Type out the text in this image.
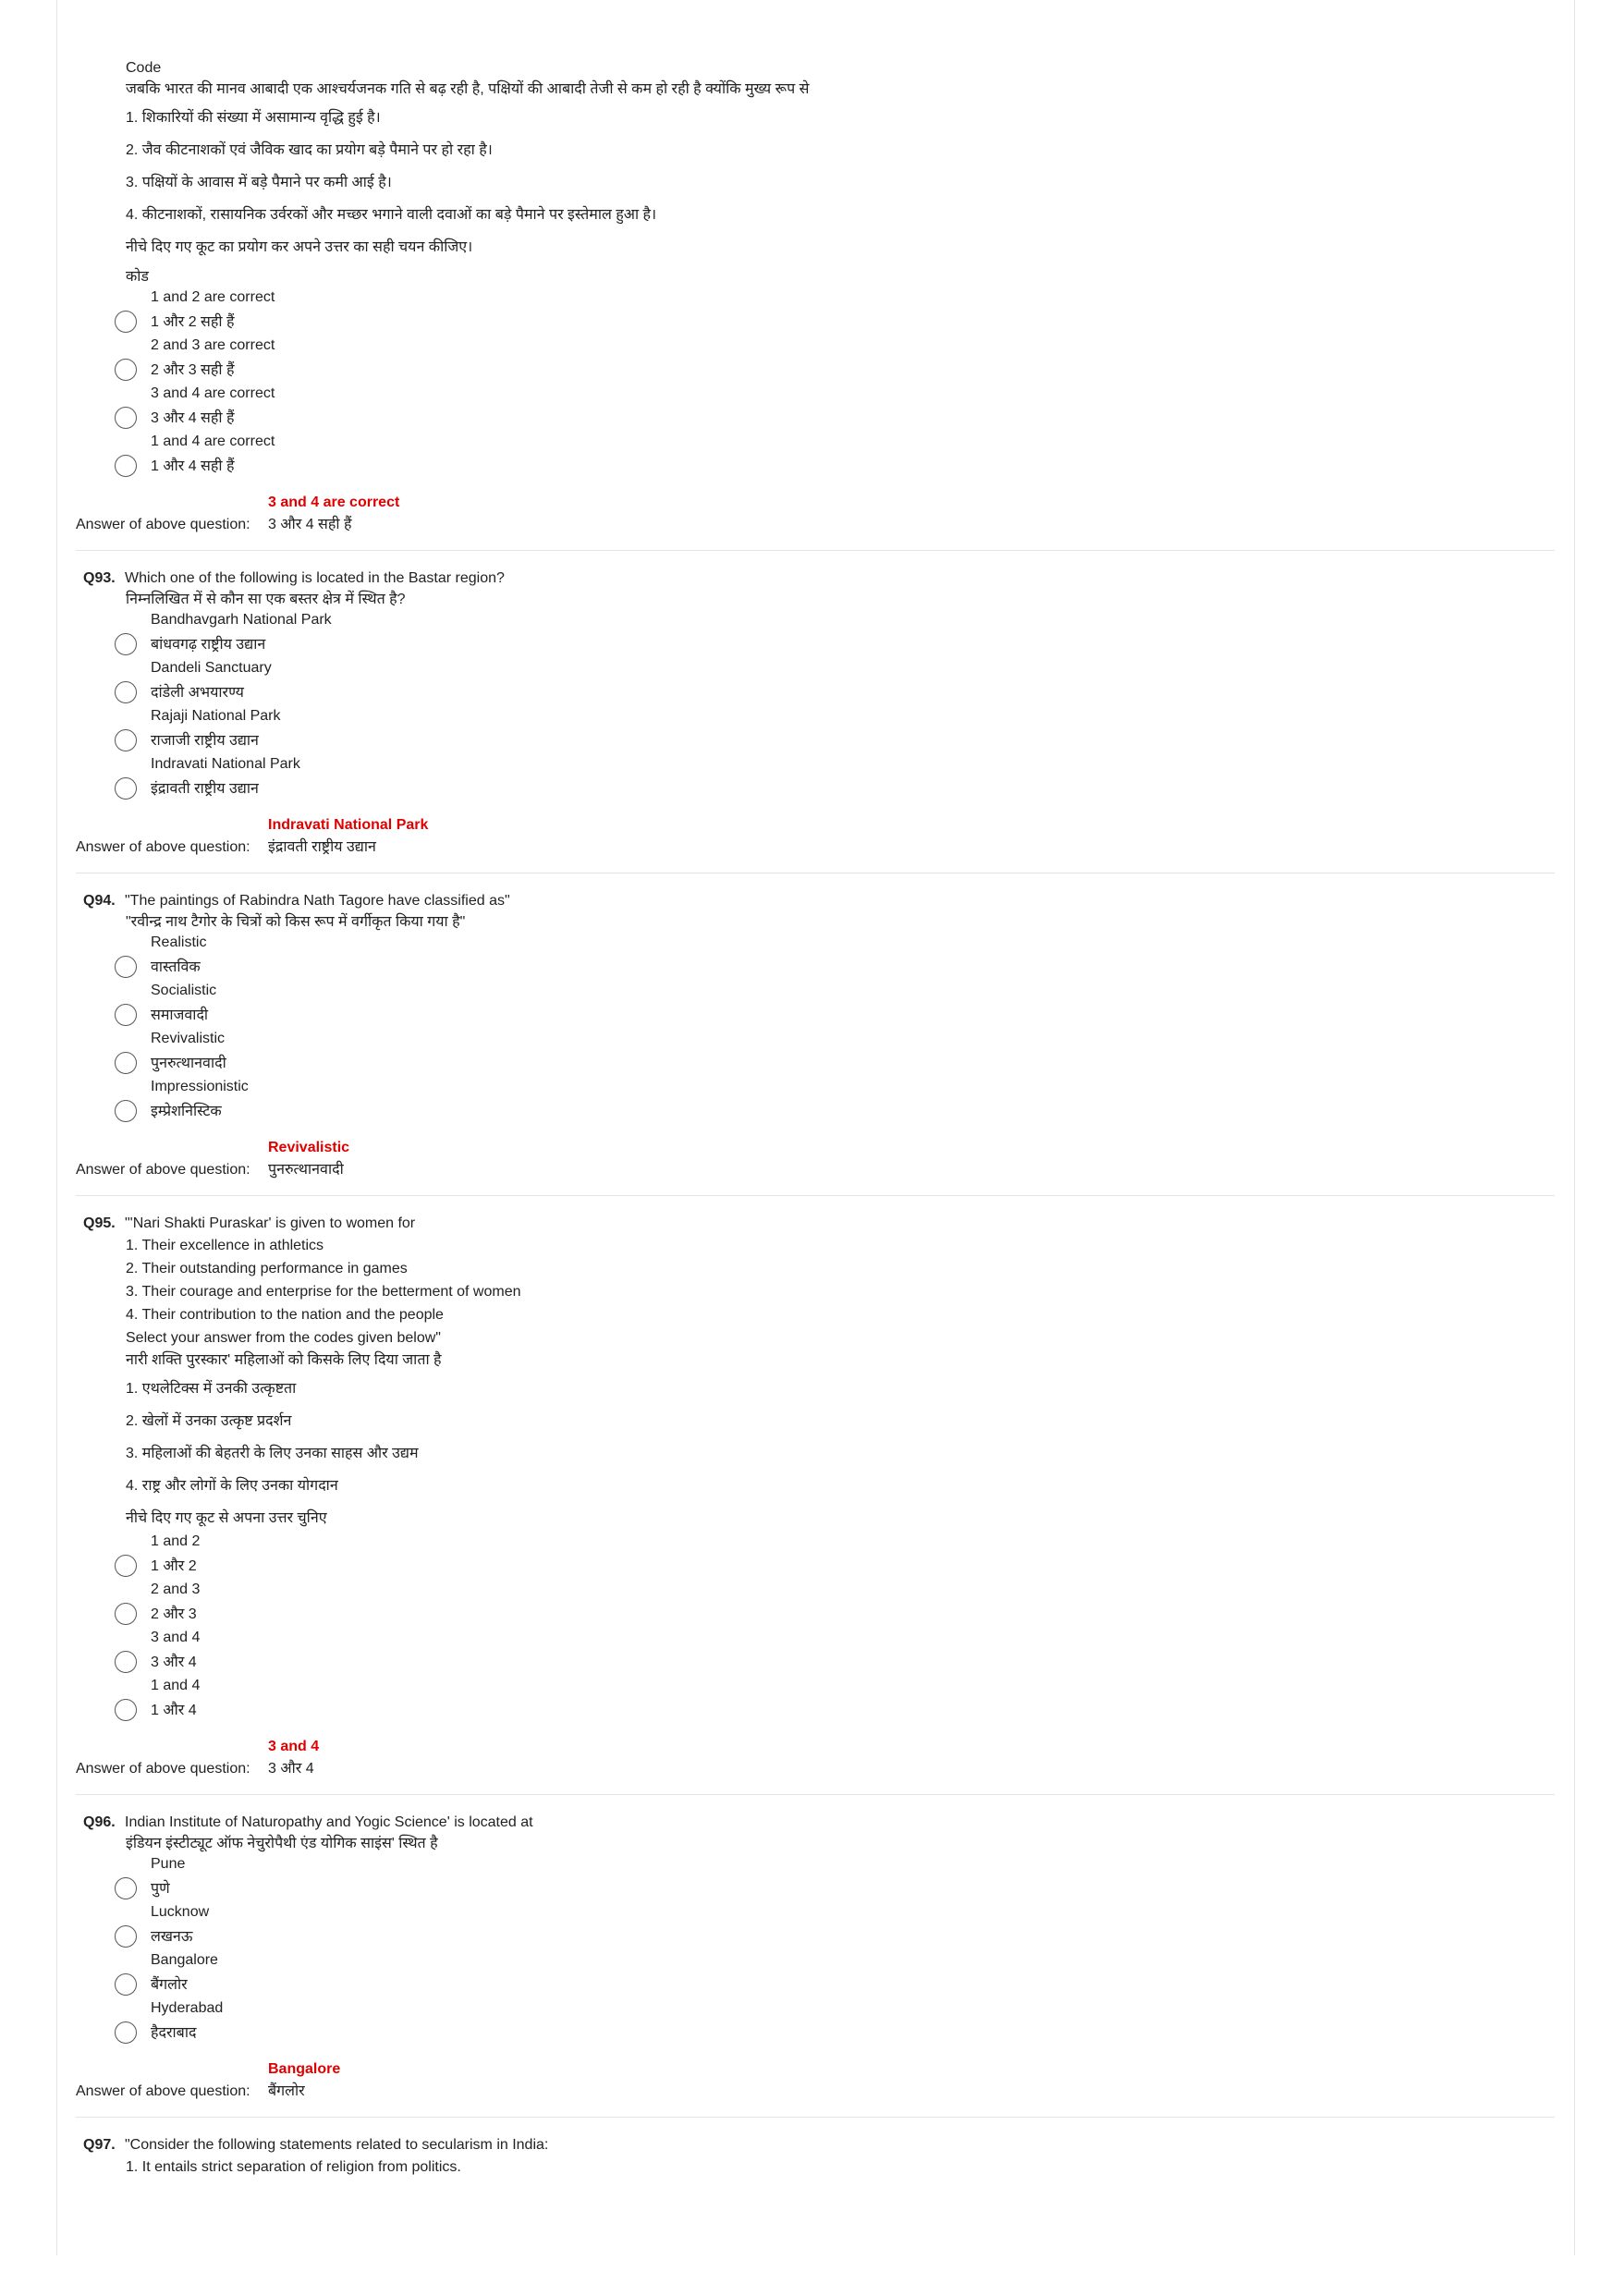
Code
जबकि भारत की मानव आबादी एक आश्चर्यजनक गति से बढ़ रही है, पक्षियों की आबादी तेजी से कम हो रही है क्योंकि मुख्य रूप से
1. शिकारियों की संख्या में असामान्य वृद्धि हुई है।
2. जैव कीटनाशकों एवं जैविक खाद का प्रयोग बड़े पैमाने पर हो रहा है।
3. पक्षियों के आवास में बड़े पैमाने पर कमी आई है।
4. कीटनाशकों, रासायनिक उर्वरकों और मच्छर भगाने वाली दवाओं का बड़े पैमाने पर इस्तेमाल हुआ है।
नीचे दिए गए कूट का प्रयोग कर अपने उत्तर का सही चयन कीजिए।
कोड
1 and 2 are correct
1 और 2 सही हैं
2 and 3 are correct
2 और 3 सही हैं
3 and 4 are correct
3 और 4 सही हैं
1 and 4 are correct
1 और 4 सही हैं
3 and 4 are correct
Answer of above question: 3 और 4 सही हैं
Q93. Which one of the following is located in the Bastar region?
निम्नलिखित में से कौन सा एक बस्तर क्षेत्र में स्थित है?
Bandhavgarh National Park
बांधवगढ़ राष्ट्रीय उद्यान
Dandeli Sanctuary
दांडेली अभयारण्य
Rajaji National Park
राजाजी राष्ट्रीय उद्यान
Indravati National Park
इंद्रावती राष्ट्रीय उद्यान
Indravati National Park
Answer of above question: इंद्रावती राष्ट्रीय उद्यान
Q94. "The paintings of Rabindra Nath Tagore have classified as"
"रवीन्द्र नाथ टैगोर के चित्रों को किस रूप में वर्गीकृत किया गया है"
Realistic
वास्तविक
Socialistic
समाजवादी
Revivalistic
पुनरुत्थानवादी
Impressionistic
इम्प्रेशनिस्टिक
Revivalistic
Answer of above question: पुनरुत्थानवादी
Q95. "'Nari Shakti Puraskar' is given to women for
1. Their excellence in athletics
2. Their outstanding performance in games
3. Their courage and enterprise for the betterment of women
4. Their contribution to the nation and the people
Select your answer from the codes given below"
नारी शक्ति पुरस्कार' महिलाओं को किसके लिए दिया जाता है
1. एथलेटिक्स में उनकी उत्कृष्टता
2. खेलों में उनका उत्कृष्ट प्रदर्शन
3. महिलाओं की बेहतरी के लिए उनका साहस और उद्यम
4. राष्ट्र और लोगों के लिए उनका योगदान
नीचे दिए गए कूट से अपना उत्तर चुनिए
1 and 2
1 और 2
2 and 3
2 और 3
3 and 4
3 और 4
1 and 4
1 और 4
3 and 4
Answer of above question: 3 और 4
Q96. Indian Institute of Naturopathy and Yogic Science' is located at
इंडियन इंस्टीट्यूट ऑफ नेचुरोपैथी एंड योगिक साइंस' स्थित है
Pune
पुणे
Lucknow
लखनऊ
Bangalore
बैंगलोर
Hyderabad
हैदराबाद
Bangalore
Answer of above question: बैंगलोर
Q97. "Consider the following statements related to secularism in India:
1. It entails strict separation of religion from politics.
